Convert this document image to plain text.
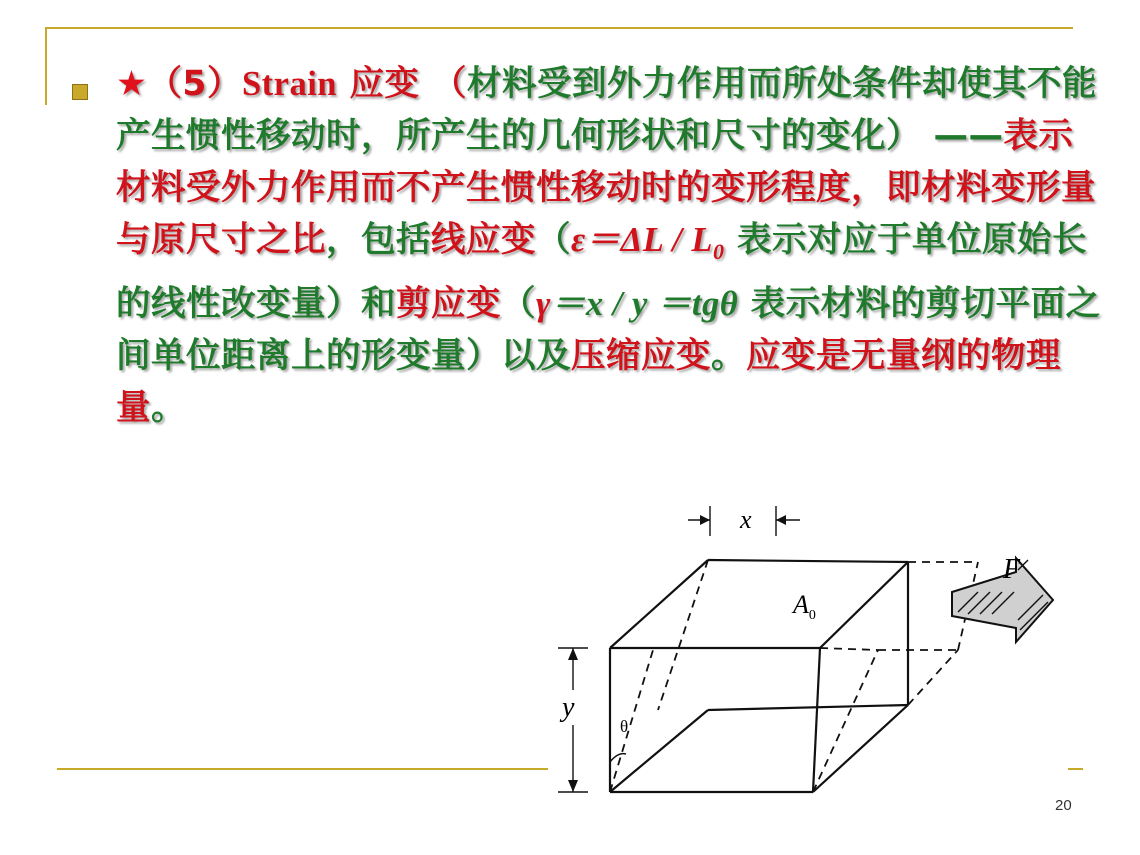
★（5）Strain 应变 （材料受到外力作用而所处条件却使其不能产生惯性移动时，所产生的几何形状和尺寸的变化） ——表示材料受外力作用而不产生惯性移动时的变形程度，即材料变形量与原尺寸之比，包括线应变（$\varepsilon=\Delta L / L_0$ 表示对应于单位原始长的线性改变量）和剪应变（γ＝x / y ＝tgθ 表示材料的剪切平面之间单位距离上的形变量）以及压缩应变。应变是无量纲的物理量。

x
F
$A_0$
y
θ
20
